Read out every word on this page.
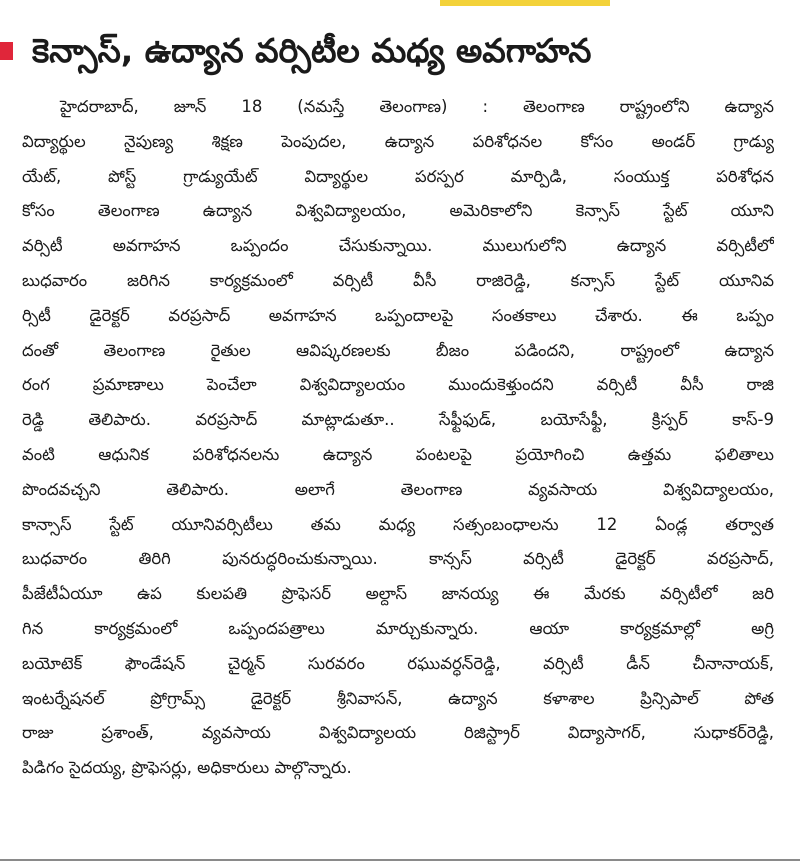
కెన్సాస్, ఉద్యాన వర్సిటీల మధ్య అవగాహన
హైదరాబాద్, జూన్ 18 (నమస్తే తెలంగాణ) : తెలంగాణ రాష్ట్రంలోని ఉద్యాన
విద్యార్థుల నైపుణ్య శిక్షణ పెంపుదల, ఉద్యాన పరిశోధనల కోసం అండర్ గ్రాడ్యు
యేట్, పోస్ట్ గ్రాడ్యుయేట్ విద్యార్థుల పరస్పర మార్పిడి, సంయుక్త పరిశోధన
కోసం తెలంగాణ ఉద్యాన విశ్వవిద్యాలయం, అమెరికాలోని కెన్సాస్ స్టేట్ యూని
వర్సిటీ అవగాహన ఒప్పందం చేసుకున్నాయి. ములుగులోని ఉద్యాన వర్సిటీలో
బుధవారం జరిగిన కార్యక్రమంలో వర్సిటీ వీసీ రాజిరెడ్డి, కన్సాస్ స్టేట్ యూనివ
ర్సిటీ డైరెక్టర్ వరప్రసాద్ అవగాహన ఒప్పందాలపై సంతకాలు చేశారు. ఈ ఒప్పం
దంతో తెలంగాణ రైతుల ఆవిష్కరణలకు బీజం పడిందని, రాష్ట్రంలో ఉద్యాన
రంగ ప్రమాణాలు పెంచేలా విశ్వవిద్యాలయం ముందుకెళ్తుందని వర్సిటీ వీసీ రాజి
రెడ్డి తెలిపారు. వరప్రసాద్ మాట్లాడుతూ.. సేఫ్టీఫుడ్, బయోసేఫ్టీ, క్రిస్పర్ కాస్-9
వంటి ఆధునిక పరిశోధనలను ఉద్యాన పంటలపై ప్రయోగించి ఉత్తమ ఫలితాలు
పొందవచ్చని తెలిపారు. అలాగే తెలంగాణ వ్యవసాయ విశ్వవిద్యాలయం,
కాన్సాస్ స్టేట్ యూనివర్సిటీలు తమ మధ్య సత్సంబంధాలను 12 ఏండ్ల తర్వాత
బుధవారం తిరిగి పునరుద్ధరించుకున్నాయి. కాన్సస్ వర్సిటీ డైరెక్టర్ వరప్రసాద్,
పీజేటీఏయూ ఉప కులపతి ప్రొఫెసర్ అల్దాస్ జానయ్య ఈ మేరకు వర్సిటీలో జరి
గిన కార్యక్రమంలో ఒప్పందపత్రాలు మార్చుకున్నారు. ఆయా కార్యక్రమాల్లో అగ్రి
బయోటెక్ ఫౌండేషన్ చైర్మన్ సురవరం రఘువర్ధన్‌రెడ్డి, వర్సిటీ డీన్ చీనానాయక్,
ఇంటర్నేషనల్ ప్రోగ్రామ్స్ డైరెక్టర్ శ్రీనివాసన్, ఉద్యాన కళాశాల ప్రిన్సిపాల్ పోత
రాజు ప్రశాంత్, వ్యవసాయ విశ్వవిద్యాలయ రిజిస్ట్రార్ విద్యాసాగర్, సుధాకర్‌రెడ్డి,
పిడిగం సైదయ్య, ప్రొఫెసర్లు, అధికారులు పాల్గొన్నారు.
